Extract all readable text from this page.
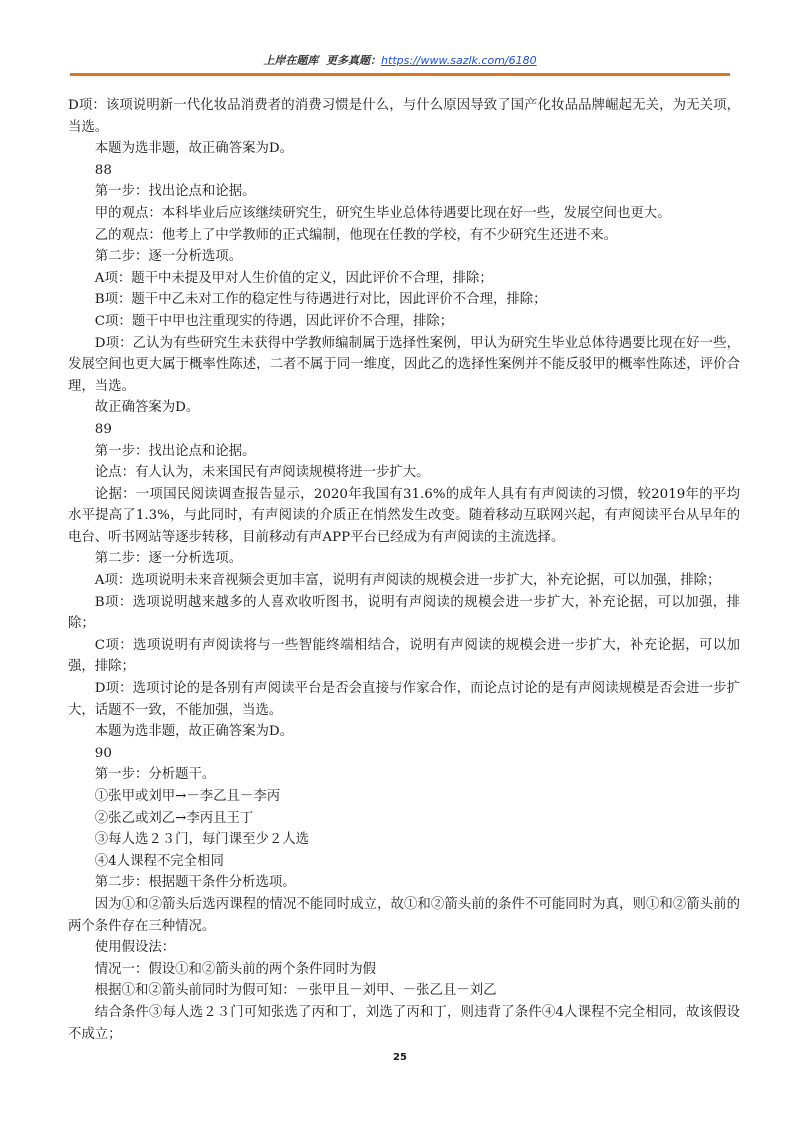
上岸在题库 更多真题：https://www.sazlk.com/6180

D项：该项说明新一代化妆品消费者的消费习惯是什么，与什么原因导致了国产化妆品品牌崛起无关，为无关项，当选。

本题为选非题，故正确答案为D。

88

第一步：找出论点和论据。

甲的观点：本科毕业后应该继续研究生，研究生毕业总体待遇要比现在好一些，发展空间也更大。

乙的观点：他考上了中学教师的正式编制，他现在任教的学校，有不少研究生还进不来。

第二步：逐一分析选项。

A项：题干中未提及甲对人生价值的定义，因此评价不合理，排除；

B项：题干中乙未对工作的稳定性与待遇进行对比，因此评价不合理，排除；

C项：题干中甲也注重现实的待遇，因此评价不合理，排除；

D项：乙认为有些研究生未获得中学教师编制属于选择性案例，甲认为研究生毕业总体待遇要比现在好一些，发展空间也更大属于概率性陈述，二者不属于同一维度，因此乙的选择性案例并不能反驳甲的概率性陈述，评价合理，当选。

故正确答案为D。

89

第一步：找出论点和论据。

论点：有人认为，未来国民有声阅读规模将进一步扩大。

论据：一项国民阅读调查报告显示，2020年我国有31.6%的成年人具有有声阅读的习惯，较2019年的平均水平提高了1.3%，与此同时，有声阅读的介质正在悄然发生改变。随着移动互联网兴起，有声阅读平台从早年的电台、听书网站等逐步转移，目前移动有声APP平台已经成为有声阅读的主流选择。

第二步：逐一分析选项。

A项：选项说明未来音视频会更加丰富，说明有声阅读的规模会进一步扩大，补充论据，可以加强，排除；

B项：选项说明越来越多的人喜欢收听图书，说明有声阅读的规模会进一步扩大，补充论据，可以加强，排除；

C项：选项说明有声阅读将与一些智能终端相结合，说明有声阅读的规模会进一步扩大，补充论据，可以加强，排除；

D项：选项讨论的是各别有声阅读平台是否会直接与作家合作，而论点讨论的是有声阅读规模是否会进一步扩大，话题不一致，不能加强，当选。

本题为选非题，故正确答案为D。

90

第一步：分析题干。

①张甲或刘甲→－李乙且－李丙

②张乙或刘乙→李丙且王丁

③每人选２３门，每门课至少２人选

④4人课程不完全相同

第二步：根据题干条件分析选项。

因为①和②箭头后选丙课程的情况不能同时成立，故①和②箭头前的条件不可能同时为真，则①和②箭头前的两个条件存在三种情况。

使用假设法：

情况一：假设①和②箭头前的两个条件同时为假

根据①和②箭头前同时为假可知：－张甲且－刘甲、－张乙且－刘乙

结合条件③每人选２３门可知张选了丙和丁，刘选了丙和丁，则违背了条件④4人课程不完全相同，故该假设不成立；

25
